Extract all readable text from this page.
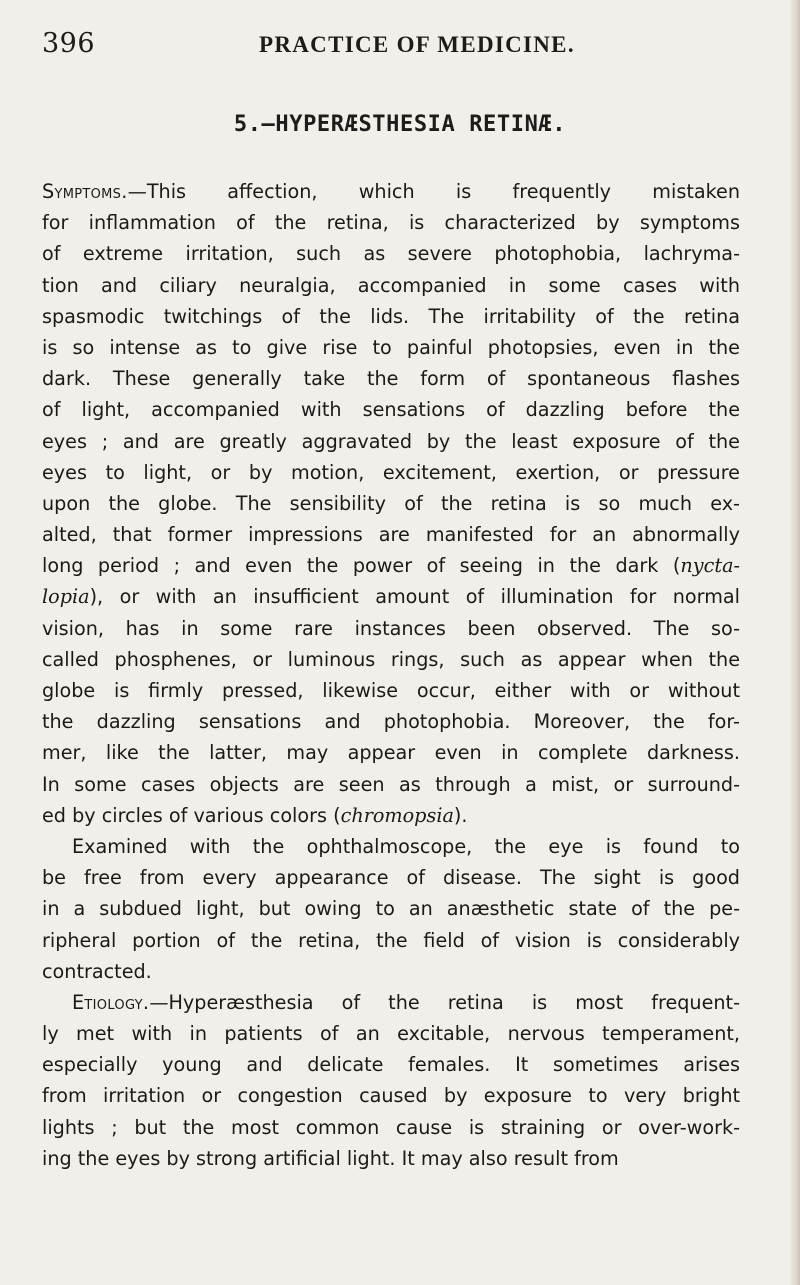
396	PRACTICE OF MEDICINE.
5.—HYPERÆSTHESIA RETINÆ.
Symptoms.—This affection, which is frequently mistaken
for inflammation of the retina, is characterized by symptoms
of extreme irritation, such as severe photophobia, lachryma-
tion and ciliary neuralgia, accompanied in some cases with
spasmodic twitchings of the lids. The irritability of the retina
is so intense as to give rise to painful photopsies, even in the
dark. These generally take the form of spontaneous flashes
of light, accompanied with sensations of dazzling before the
eyes ; and are greatly aggravated by the least exposure of the
eyes to light, or by motion, excitement, exertion, or pressure
upon the globe. The sensibility of the retina is so much ex-
alted, that former impressions are manifested for an abnormally
long period ; and even the power of seeing in the dark (nycta-
lopia), or with an insufficient amount of illumination for normal
vision, has in some rare instances been observed. The so-
called phosphenes, or luminous rings, such as appear when the
globe is firmly pressed, likewise occur, either with or without
the dazzling sensations and photophobia. Moreover, the for-
mer, like the latter, may appear even in complete darkness.
In some cases objects are seen as through a mist, or surround-
ed by circles of various colors (chromopsia).
Examined with the ophthalmoscope, the eye is found to
be free from every appearance of disease. The sight is good
in a subdued light, but owing to an anæsthetic state of the pe-
ripheral portion of the retina, the field of vision is considerably
contracted.
Etiology.—Hyperæsthesia of the retina is most frequent-
ly met with in patients of an excitable, nervous temperament,
especially young and delicate females. It sometimes arises
from irritation or congestion caused by exposure to very bright
lights ; but the most common cause is straining or over-work-
ing the eyes by strong artificial light. It may also result from
